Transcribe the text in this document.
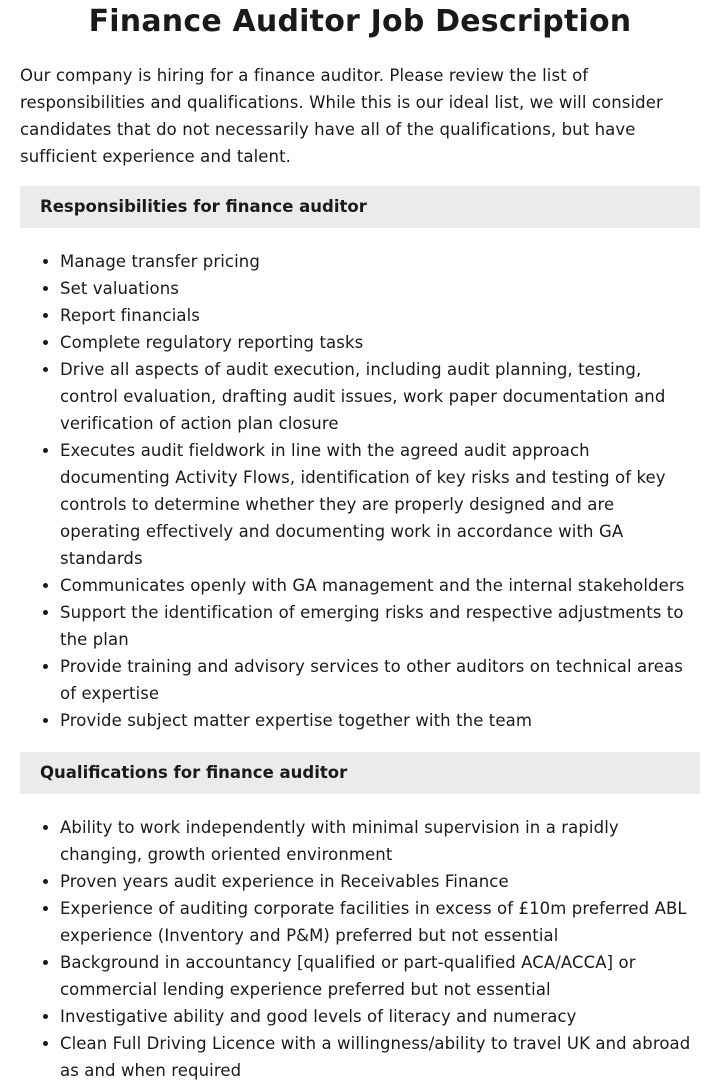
Finance Auditor Job Description

Our company is hiring for a finance auditor. Please review the list of responsibilities and qualifications. While this is our ideal list, we will consider candidates that do not necessarily have all of the qualifications, but have sufficient experience and talent.

Responsibilities for finance auditor
• Manage transfer pricing
• Set valuations
• Report financials
• Complete regulatory reporting tasks
• Drive all aspects of audit execution, including audit planning, testing, control evaluation, drafting audit issues, work paper documentation and verification of action plan closure
• Executes audit fieldwork in line with the agreed audit approach documenting Activity Flows, identification of key risks and testing of key controls to determine whether they are properly designed and are operating effectively and documenting work in accordance with GA standards
• Communicates openly with GA management and the internal stakeholders
• Support the identification of emerging risks and respective adjustments to the plan
• Provide training and advisory services to other auditors on technical areas of expertise
• Provide subject matter expertise together with the team
Qualifications for finance auditor
• Ability to work independently with minimal supervision in a rapidly changing, growth oriented environment
• Proven years audit experience in Receivables Finance
• Experience of auditing corporate facilities in excess of £10m preferred ABL experience (Inventory and P&M) preferred but not essential
• Background in accountancy [qualified or part-qualified ACA/ACCA] or commercial lending experience preferred but not essential
• Investigative ability and good levels of literacy and numeracy
• Clean Full Driving Licence with a willingness/ability to travel UK and abroad as and when required
